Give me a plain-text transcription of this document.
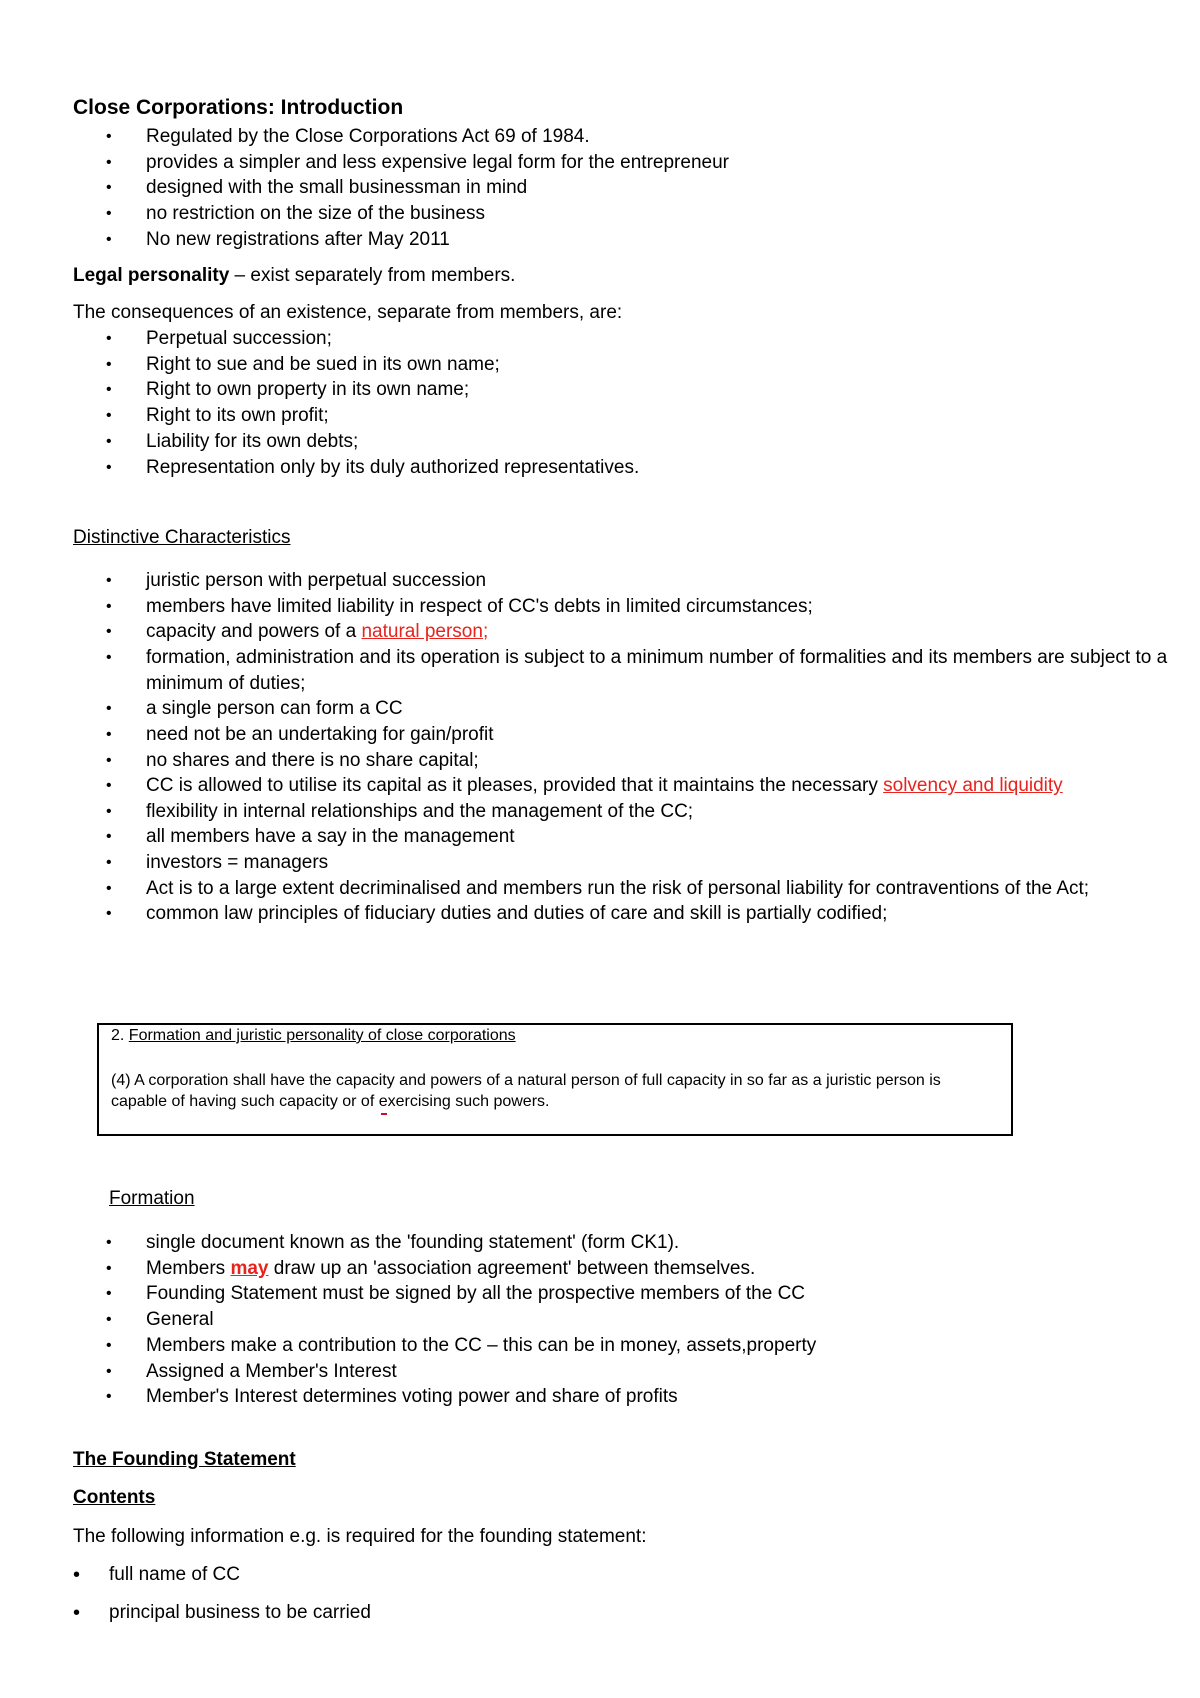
Close Corporations: Introduction
• Regulated by the Close Corporations Act 69 of 1984.
• provides a simpler and less expensive legal form for the entrepreneur
• designed with the small businessman in mind
• no restriction on the size of the business
• No new registrations after May 2011
Legal personality – exist separately from members.
The consequences of an existence, separate from members, are:
• Perpetual succession;
• Right to sue and be sued in its own name;
• Right to own property in its own name;
• Right to its own profit;
• Liability for its own debts;
• Representation only by its duly authorized representatives.
Distinctive Characteristics
• juristic person with perpetual succession
• members have limited liability in respect of CC's debts in limited circumstances;
• capacity and powers of a natural person;
• formation, administration and its operation is subject to a minimum number of formalities and its members are subject to a minimum of duties;
• a single person can form a CC
• need not be an undertaking for gain/profit
• no shares and there is no share capital;
• CC is allowed to utilise its capital as it pleases, provided that it maintains the necessary solvency and liquidity
• flexibility in internal relationships and the management of the CC;
• all members have a say in the management
• investors = managers
• Act is to a large extent decriminalised and members run the risk of personal liability for contraventions of the Act;
• common law principles of fiduciary duties and duties of care and skill is partially codified;
2. Formation and juristic personality of close corporations
(4) A corporation shall have the capacity and powers of a natural person of full capacity in so far as a juristic person is capable of having such capacity or of exercising such powers.
Formation
• single document known as the 'founding statement' (form CK1).
• Members may draw up an 'association agreement' between themselves.
• Founding Statement must be signed by all the prospective members of the CC
• General
• Members make a contribution to the CC – this can be in money, assets,property
• Assigned a Member's Interest
• Member's Interest determines voting power and share of profits
The Founding Statement
Contents
The following information e.g. is required for the founding statement:
• full name of CC
• principal business to be carried
